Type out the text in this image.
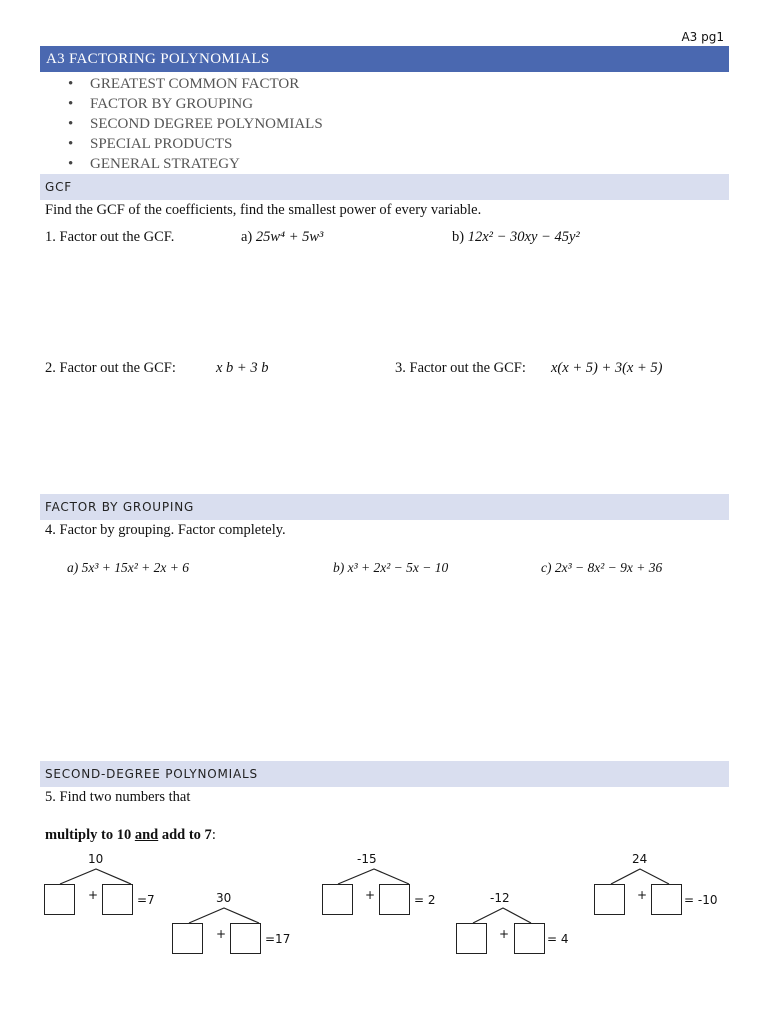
A3 pg1
A3 FACTORING POLYNOMIALS
• GREATEST COMMON FACTOR
• FACTOR BY GROUPING
• SECOND DEGREE POLYNOMIALS
• SPECIAL PRODUCTS
• GENERAL STRATEGY
GCF
Find the GCF of the coefficients, find the smallest power of every variable.
1. Factor out the GCF.	a) 25w⁴ + 5w³	b) 12x² − 30xy − 45y²
2. Factor out the GCF:	x b + 3 b	3. Factor out the GCF: x(x + 5) + 3(x + 5)
FACTOR BY GROUPING
4. Factor by grouping. Factor completely.
a) 5x³ + 15x² + 2x + 6	b) x³ + 2x² − 5x − 10	c) 2x³ − 8x² − 9x + 36
SECOND-DEGREE POLYNOMIALS
5. Find two numbers that
multiply to 10 and add to 7:
10
+	=7	30
+	=17
-15
+	= 2	-12
+	= 4
24
+	= -10
